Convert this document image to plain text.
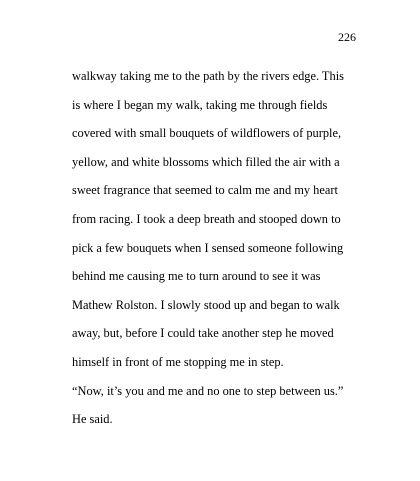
226
walkway taking me to the path by the rivers edge. This
is where I began my walk, taking me through fields
covered with small bouquets of wildflowers of purple,
yellow, and white blossoms which filled the air with a
sweet fragrance that seemed to calm me and my heart
from racing. I took a deep breath and stooped down to
pick a few bouquets when I sensed someone following
behind me causing me to turn around to see it was
Mathew Rolston. I slowly stood up and began to walk
away, but, before I could take another step he moved
himself in front of me stopping me in step.
“Now, it’s you and me and no one to step between us.”
He said.
